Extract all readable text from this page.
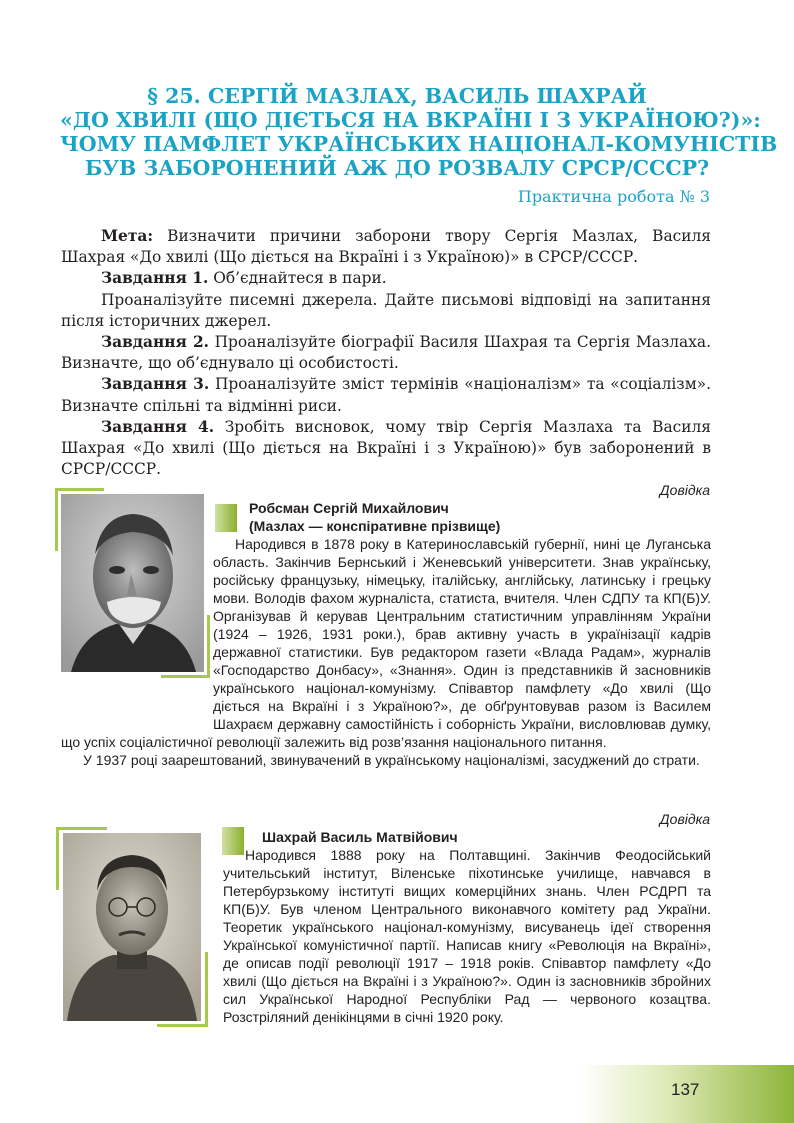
§ 25. СЕРГІЙ МАЗЛАХ, ВАСИЛЬ ШАХРАЙ
«ДО ХВИЛІ (ЩО ДІЄТЬСЯ НА ВКРАЇНІ І З УКРАЇНОЮ?)»:
ЧОМУ ПАМФЛЕТ УКРАЇНСЬКИХ НАЦІОНАЛ-КОМУНІСТІВ
БУВ ЗАБОРОНЕНИЙ АЖ ДО РОЗВАЛУ СРСР/СССР?
Практична робота № 3

Мета: Визначити причини заборони твору Сергія Мазлах, Василя Шахрая «До хвилі (Що діється на Вкраїні і з Україною)» в СРСР/СССР.

Завдання 1. Об’єднайтеся в пари.

Проаналізуйте писемні джерела. Дайте письмові відповіді на запитання після історичних джерел.

Завдання 2. Проаналізуйте біографії Василя Шахрая та Сергія Мазлаха. Визначте, що об’єднувало ці особистості.

Завдання 3. Проаналізуйте зміст термінів «націоналізм» та «соціалізм». Визначте спільні та відмінні риси.

Завдання 4. Зробіть висновок, чому твір Сергія Мазлаха та Василя Шахрая «До хвилі (Що діється на Вкраїні і з Україною)» був заборонений в СРСР/СССР.

Довідка

Робсман Сергій Михайлович

(Мазлах — конспіративне прізвище)

Народився в 1878 року в Катеринославській губернії, нині це Луганська область. Закінчив Бернський і Женевський університети. Знав українську, російську французьку, німецьку, італійську, англійську, латинську і грецьку мови. Володів фахом журналіста, статиста, вчителя. Член СДПУ та КП(Б)У. Організував й керував Центральним статистичним управлінням України (1924 – 1926, 1931 роки.), брав активну участь в українізації кадрів державної статистики. Був редактором газети «Влада Радам», журналів «Господарство Донбасу», «Знання». Один із представників й засновників українського націонал-комунізму. Співавтор памфлету «До хвилі (Що діється на Вкраїні і з Україною?», де обґрунтовував разом із Василем Шахраєм державну самостійність і соборність України, висловлював думку, що успіх соціалістичної революції залежить від розв’язання національного питання.

У 1937 році заарештований, звинувачений в українському націоналізмі, засуджений до страти.

Довідка

Шахрай Василь Матвійович

Народився 1888 року на Полтавщині. Закінчив Феодосійський учительський інститут, Віленське піхотинське училище, навчався в Петербурзькому інституті вищих комерційних знань. Член РСДРП та КП(Б)У. Був членом Центрального виконавчого комітету рад України. Теоретик українського націонал-комунізму, висуванець ідеї створення Української комуністичної партії. Написав книгу «Революція на Вкраїні», де описав події революції 1917 – 1918 років. Співавтор памфлету «До хвилі (Що діється на Вкраїні і з Україною?». Один із засновників збройних сил Української Народної Республіки Рад — червоного козацтва. Розстріляний денікінцями в січні 1920 року.

137
